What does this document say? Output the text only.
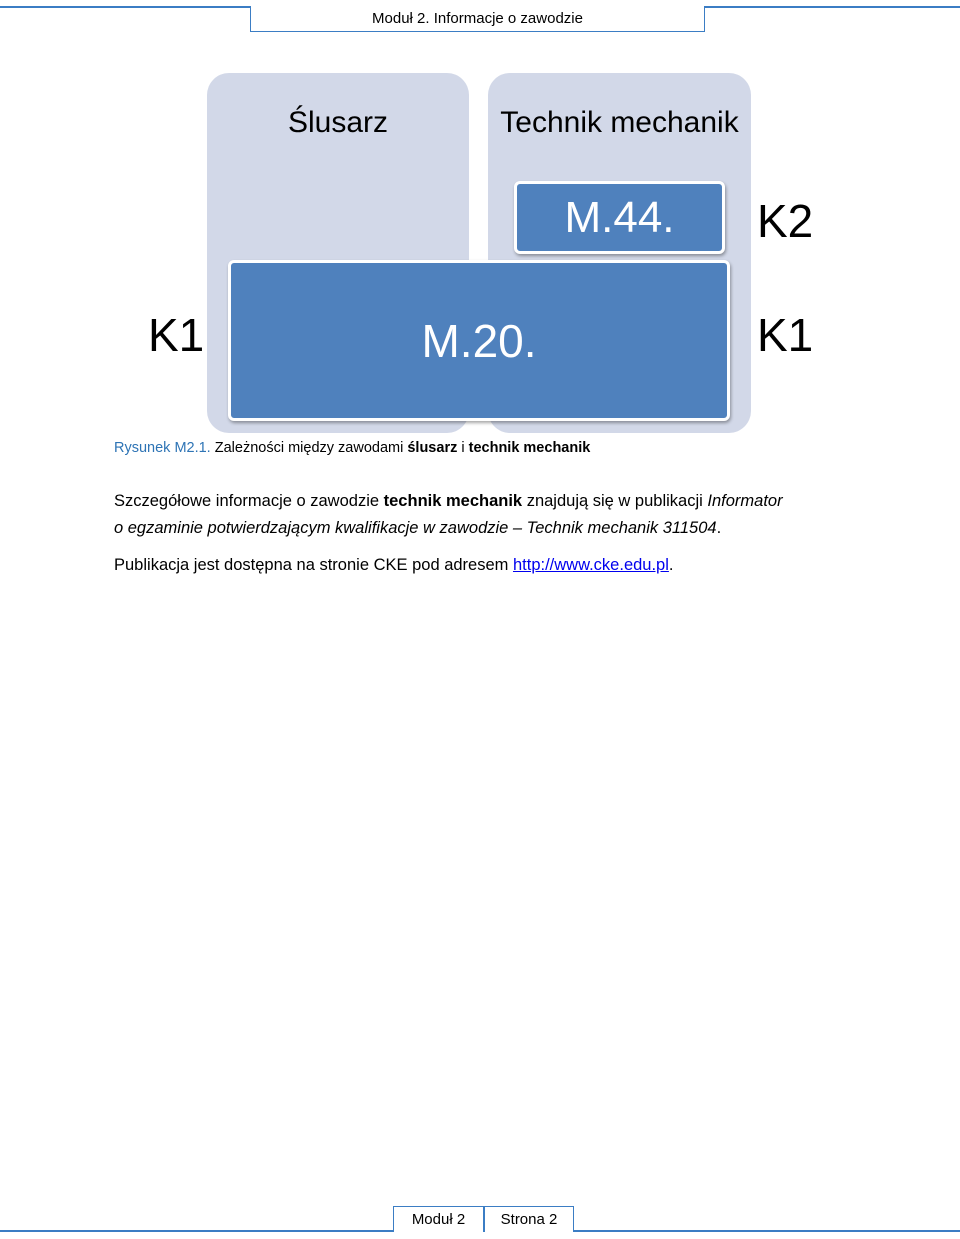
Moduł 2. Informacje o zawodzie
Ślusarz	Technik mechanik
M.44.
M.20.
K1
K2
K1
Rysunek M2.1. Zależności między zawodami ślusarz i technik mechanik
Szczegółowe informacje o zawodzie technik mechanik znajdują się w publikacji Informator
o egzaminie potwierdzającym kwalifikacje w zawodzie – Technik mechanik 311504.
Publikacja jest dostępna na stronie CKE pod adresem http://www.cke.edu.pl.
Moduł 2	Strona 2
